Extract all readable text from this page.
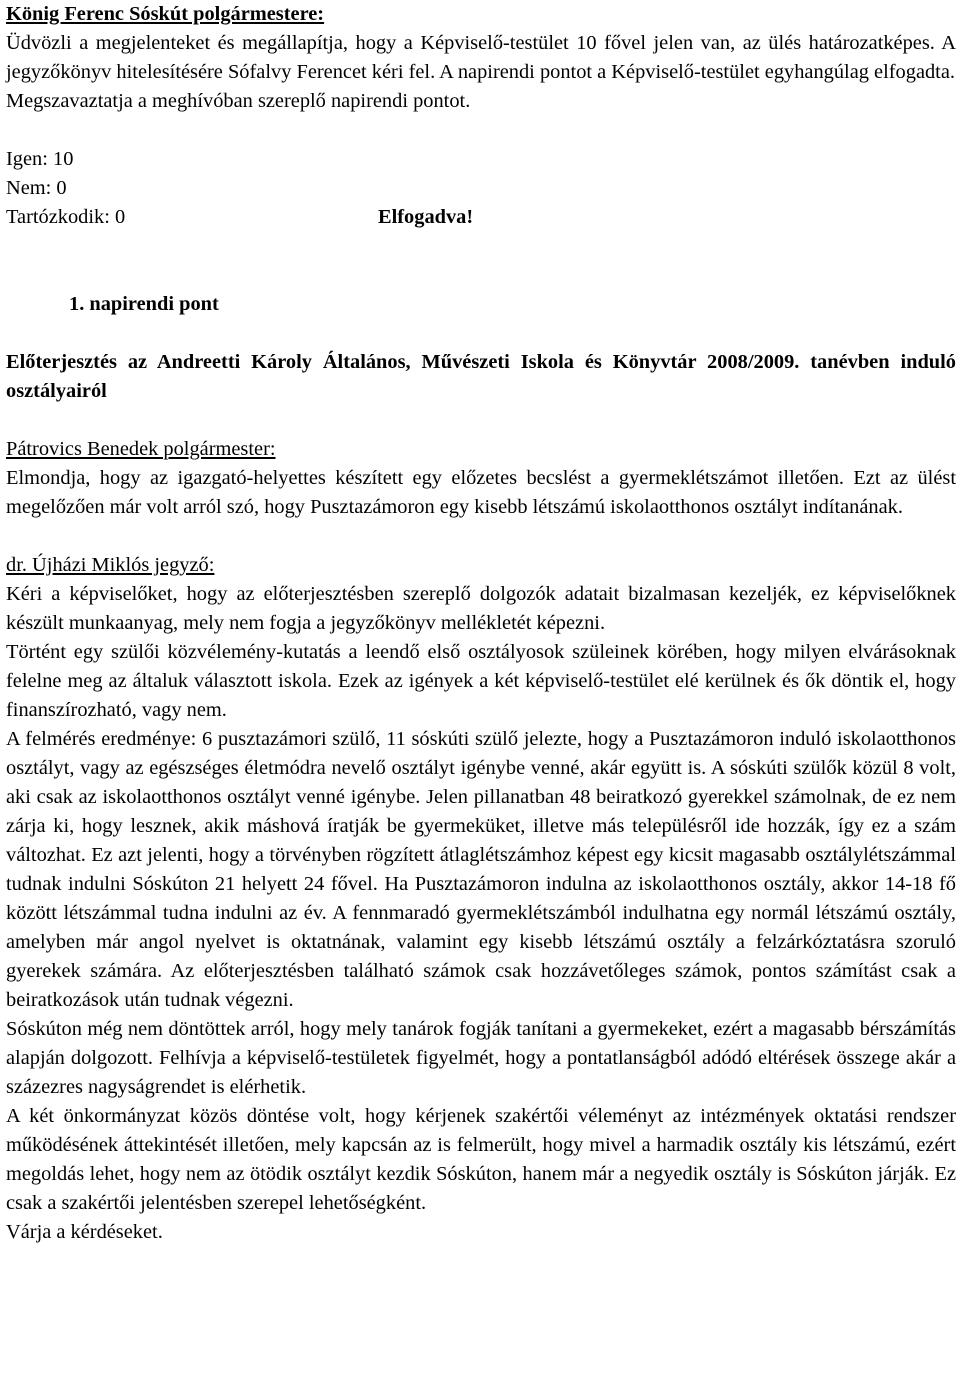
König Ferenc Sóskút polgármestere:

Üdvözli a megjelenteket és megállapítja, hogy a Képviselő-testület 10 fővel jelen van, az ülés határozatképes. A jegyzőkönyv hitelesítésére Sófalvy Ferencet kéri fel. A napirendi pontot a Képviselő-testület egyhangúlag elfogadta.

Megszavaztatja a meghívóban szereplő napirendi pontot.

Igen: 10
Nem: 0
Tartózkodik: 0	Elfogadva!
1. napirendi pont

Előterjesztés az Andreetti Károly Általános, Művészeti Iskola és Könyvtár 2008/2009. tanévben induló osztályairól

Pátrovics Benedek polgármester:

Elmondja, hogy az igazgató-helyettes készített egy előzetes becslést a gyermeklétszámot illetően. Ezt az ülést megelőzően már volt arról szó, hogy Pusztazámoron egy kisebb létszámú iskolaotthonos osztályt indítanának.

dr. Újházi Miklós jegyző:

Kéri a képviselőket, hogy az előterjesztésben szereplő dolgozók adatait bizalmasan kezeljék, ez képviselőknek készült munkaanyag, mely nem fogja a jegyzőkönyv mellékletét képezni.

Történt egy szülői közvélemény-kutatás a leendő első osztályosok szüleinek körében, hogy milyen elvárásoknak felelne meg az általuk választott iskola. Ezek az igények a két képviselő-testület elé kerülnek és ők döntik el, hogy finanszírozható, vagy nem.

A felmérés eredménye: 6 pusztazámori szülő, 11 sóskúti szülő jelezte, hogy a Pusztazámoron induló iskolaotthonos osztályt, vagy az egészséges életmódra nevelő osztályt igénybe venné, akár együtt is. A sóskúti szülők közül 8 volt, aki csak az iskolaotthonos osztályt venné igénybe. Jelen pillanatban 48 beiratkozó gyerekkel számolnak, de ez nem zárja ki, hogy lesznek, akik máshová íratják be gyermeküket, illetve más településről ide hozzák, így ez a szám változhat. Ez azt jelenti, hogy a törvényben rögzített átlaglétszámhoz képest egy kicsit magasabb osztálylétszámmal tudnak indulni Sóskúton 21 helyett 24 fővel. Ha Pusztazámoron indulna az iskolaotthonos osztály, akkor 14-18 fő között létszámmal tudna indulni az év. A fennmaradó gyermeklétszámból indulhatna egy normál létszámú osztály, amelyben már angol nyelvet is oktatnának, valamint egy kisebb létszámú osztály a felzárkóztatásra szoruló gyerekek számára. Az előterjesztésben található számok csak hozzávetőleges számok, pontos számítást csak a beiratkozások után tudnak végezni.

Sóskúton még nem döntöttek arról, hogy mely tanárok fogják tanítani a gyermekeket, ezért a magasabb bérszámítás alapján dolgozott. Felhívja a képviselő-testületek figyelmét, hogy a pontatlanságból adódó eltérések összege akár a százezres nagyságrendet is elérhetik.

A két önkormányzat közös döntése volt, hogy kérjenek szakértői véleményt az intézmények oktatási rendszer működésének áttekintését illetően, mely kapcsán az is felmerült, hogy mivel a harmadik osztály kis létszámú, ezért megoldás lehet, hogy nem az ötödik osztályt kezdik Sóskúton, hanem már a negyedik osztály is Sóskúton járják. Ez csak a szakértői jelentésben szerepel lehetőségként.

Várja a kérdéseket.
